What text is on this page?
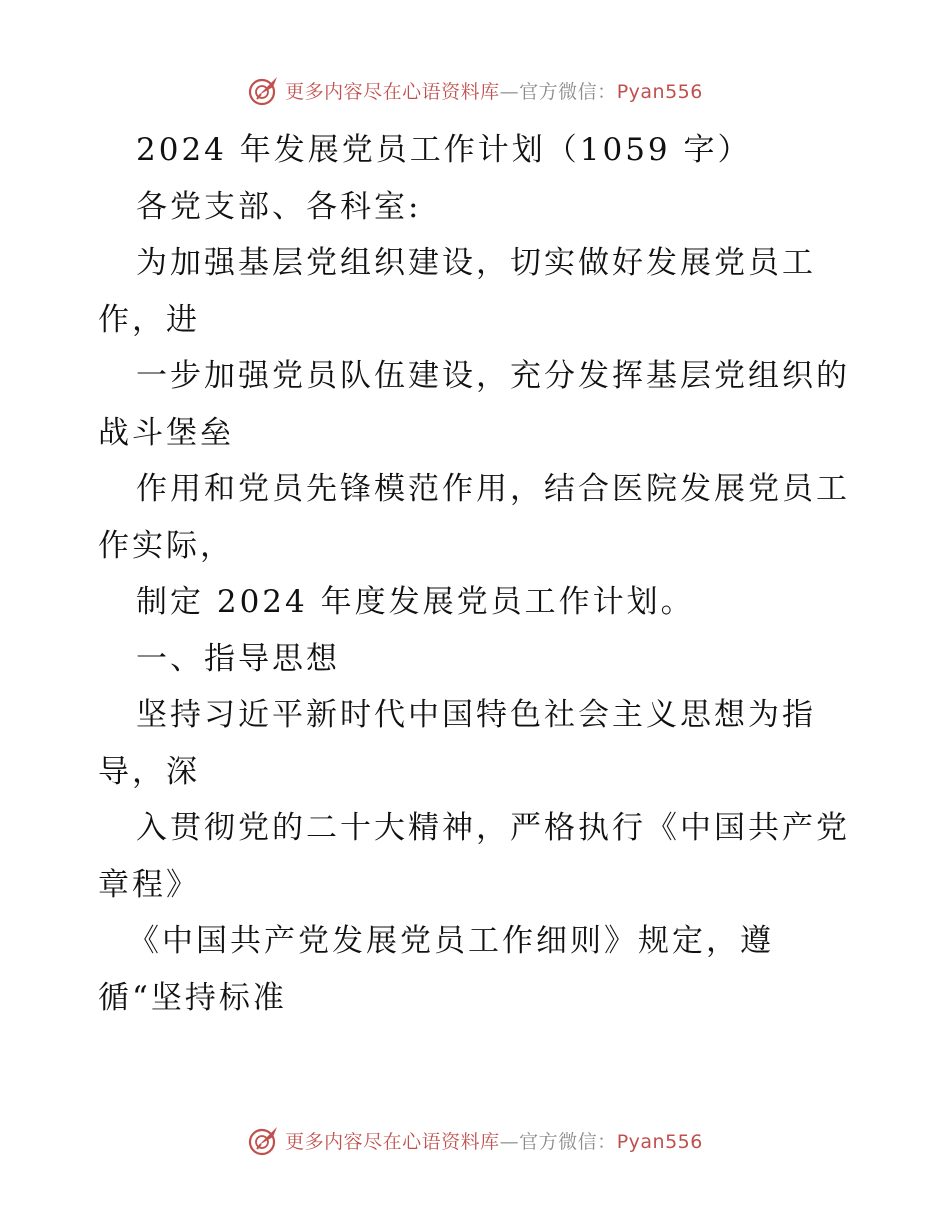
更多内容尽在心语资料库—官方微信：Pyan556
2024 年发展党员工作计划（1059 字）
各党支部、各科室:
为加强基层党组织建设，切实做好发展党员工
作，进
一步加强党员队伍建设，充分发挥基层党组织的
战斗堡垒
作用和党员先锋模范作用，结合医院发展党员工
作实际，
制定 2024 年度发展党员工作计划。
一、指导思想
坚持习近平新时代中国特色社会主义思想为指
导，深
入贯彻党的二十大精神，严格执行《中国共产党
章程》
《中国共产党发展党员工作细则》规定，遵
循“坚持标准
更多内容尽在心语资料库—官方微信：Pyan556
